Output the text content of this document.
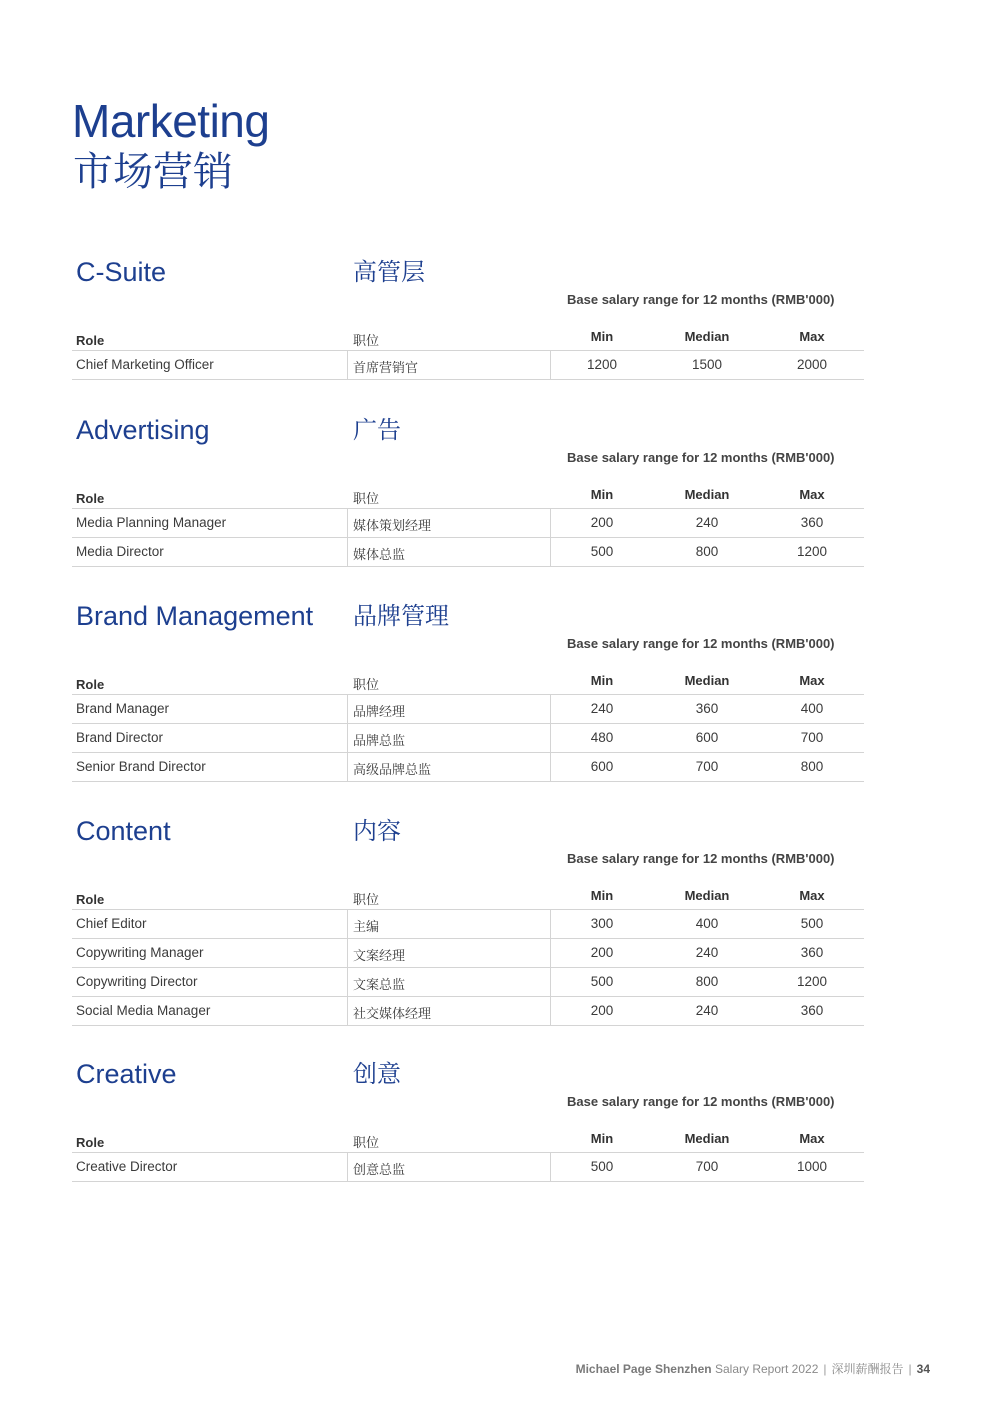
Marketing
市场营销
C-Suite	高管层
Base salary range for 12 months (RMB'000)
Role	职位	Min	Median	Max
Chief Marketing Officer	首席营销官	1200	1500	2000
Advertising	广告
Base salary range for 12 months (RMB'000)
Role	职位	Min	Median	Max
Media Planning Manager	媒体策划经理	200	240	360
Media Director	媒体总监	500	800	1200
Brand Management 品牌管理
Base salary range for 12 months (RMB'000)
Role	职位	Min	Median	Max
Brand Manager	品牌经理	240	360	400
Brand Director	品牌总监	480	600	700
Senior Brand Director	高级品牌总监	600	700	800
Content	内容
Base salary range for 12 months (RMB'000)
Role	职位	Min	Median	Max
Chief Editor	主编	300	400	500
Copywriting Manager	文案经理	200	240	360
Copywriting Director	文案总监	500	800	1200
Social Media Manager	社交媒体经理	200	240	360
Creative	创意
Base salary range for 12 months (RMB'000)
Role	职位	Min	Median	Max
Creative Director	创意总监	500	700	1000
Michael Page Shenzhen Salary Report 2022 | 深圳薪酬报告 | 34
